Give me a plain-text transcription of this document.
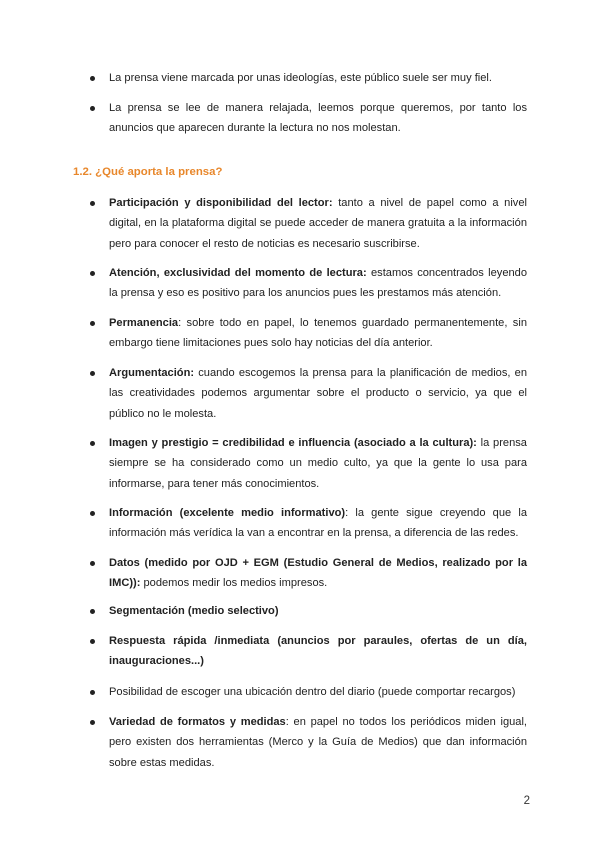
La prensa viene marcada por unas ideologías, este público suele ser muy fiel.
La prensa se lee de manera relajada, leemos porque queremos, por tanto los anuncios que aparecen durante la lectura no nos molestan.
1.2. ¿Qué aporta la prensa?
Participación y disponibilidad del lector: tanto a nivel de papel como a nivel digital, en la plataforma digital se puede acceder de manera gratuita a la información pero para conocer el resto de noticias es necesario suscribirse.
Atención, exclusividad del momento de lectura: estamos concentrados leyendo la prensa y eso es positivo para los anuncios pues les prestamos más atención.
Permanencia: sobre todo en papel, lo tenemos guardado permanentemente, sin embargo tiene limitaciones pues solo hay noticias del día anterior.
Argumentación: cuando escogemos la prensa para la planificación de medios, en las creatividades podemos argumentar sobre el producto o servicio, ya que el público no le molesta.
Imagen y prestigio = credibilidad e influencia (asociado a la cultura): la prensa siempre se ha considerado como un medio culto, ya que la gente lo usa para informarse, para tener más conocimientos.
Información (excelente medio informativo): la gente sigue creyendo que la información más verídica la van a encontrar en la prensa, a diferencia de las redes.
Datos (medido por OJD + EGM (Estudio General de Medios, realizado por la IMC)): podemos medir los medios impresos.
Segmentación (medio selectivo)
Respuesta rápida /inmediata (anuncios por paraules, ofertas de un día, inauguraciones...)
Posibilidad de escoger una ubicación dentro del diario (puede comportar recargos)
Variedad de formatos y medidas: en papel no todos los periódicos miden igual, pero existen dos herramientas (Merco y la Guía de Medios) que dan información sobre estas medidas.
2
